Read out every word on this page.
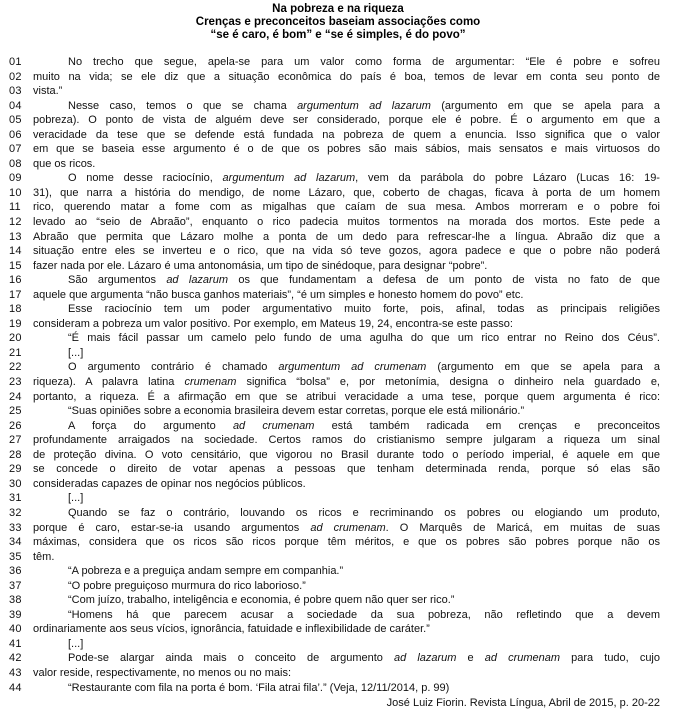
Na pobreza e na riqueza
Crenças e preconceitos baseiam associações como
“se é caro, é bom” e “se é simples, é do povo”
01	No trecho que segue, apela-se para um valor como forma de argumentar: “Ele é pobre e sofreu
02	muito na vida; se ele diz que a situação econômica do país é boa, temos de levar em conta seu ponto de
03	vista.”
04	Nesse caso, temos o que se chama argumentum ad lazarum (argumento em que se apela para a
05	pobreza). O ponto de vista de alguém deve ser considerado, porque ele é pobre. É o argumento em que a
06	veracidade da tese que se defende está fundada na pobreza de quem a enuncia. Isso significa que o valor
07	em que se baseia esse argumento é o de que os pobres são mais sábios, mais sensatos e mais virtuosos do
08	que os ricos.
09	O nome desse raciocínio, argumentum ad lazarum, vem da parábola do pobre Lázaro (Lucas 16: 19-
10	31), que narra a história do mendigo, de nome Lázaro, que, coberto de chagas, ficava à porta de um homem
11	rico, querendo matar a fome com as migalhas que caíam de sua mesa. Ambos morreram e o pobre foi
12	levado ao “seio de Abraão”, enquanto o rico padecia muitos tormentos na morada dos mortos. Este pede a
13	Abraão que permita que Lázaro molhe a ponta de um dedo para refrescar-lhe a língua. Abraão diz que a
14	situação entre eles se inverteu e o rico, que na vida só teve gozos, agora padece e que o pobre não poderá
15	fazer nada por ele. Lázaro é uma antonomásia, um tipo de sinédoque, para designar “pobre”.
16	São argumentos ad lazarum os que fundamentam a defesa de um ponto de vista no fato de que
17	aquele que argumenta “não busca ganhos materiais”, “é um simples e honesto homem do povo” etc.
18	Esse raciocínio tem um poder argumentativo muito forte, pois, afinal, todas as principais religiões
19	consideram a pobreza um valor positivo. Por exemplo, em Mateus 19, 24, encontra-se este passo:
20	“É mais fácil passar um camelo pelo fundo de uma agulha do que um rico entrar no Reino dos Céus”.
21	[...]
22	O argumento contrário é chamado argumentum ad crumenam (argumento em que se apela para a
23	riqueza). A palavra latina crumenam significa “bolsa” e, por metonímia, designa o dinheiro nela guardado e,
24	portanto, a riqueza. É a afirmação em que se atribui veracidade a uma tese, porque quem argumenta é rico:
25	“Suas opiniões sobre a economia brasileira devem estar corretas, porque ele está milionário.”
26	A força do argumento ad crumenam está também radicada em crenças e preconceitos
27	profundamente arraigados na sociedade. Certos ramos do cristianismo sempre julgaram a riqueza um sinal
28	de proteção divina. O voto censitário, que vigorou no Brasil durante todo o período imperial, é aquele em que
29	se concede o direito de votar apenas a pessoas que tenham determinada renda, porque só elas são
30	consideradas capazes de opinar nos negócios públicos.
31	[...]
32	Quando se faz o contrário, louvando os ricos e recriminando os pobres ou elogiando um produto,
33	porque é caro, estar-se-ia usando argumentos ad crumenam. O Marquês de Maricá, em muitas de suas
34	máximas, considera que os ricos são ricos porque têm méritos, e que os pobres são pobres porque não os
35	têm.
36	“A pobreza e a preguiça andam sempre em companhia.”
37	“O pobre preguiçoso murmura do rico laborioso.”
38	“Com juízo, trabalho, inteligência e economia, é pobre quem não quer ser rico.”
39	“Homens há que parecem acusar a sociedade da sua pobreza, não refletindo que a devem
40	ordinariamente aos seus vícios, ignorância, fatuidade e inflexibilidade de caráter.”
41	[...]
42	Pode-se alargar ainda mais o conceito de argumento ad lazarum e ad crumenam para tudo, cujo
43	valor reside, respectivamente, no menos ou no mais:
44	“Restaurante com fila na porta é bom. ‘Fila atrai fila’.” (Veja, 12/11/2014, p. 99)
José Luiz Fiorin. Revista Língua, Abril de 2015, p. 20-22
